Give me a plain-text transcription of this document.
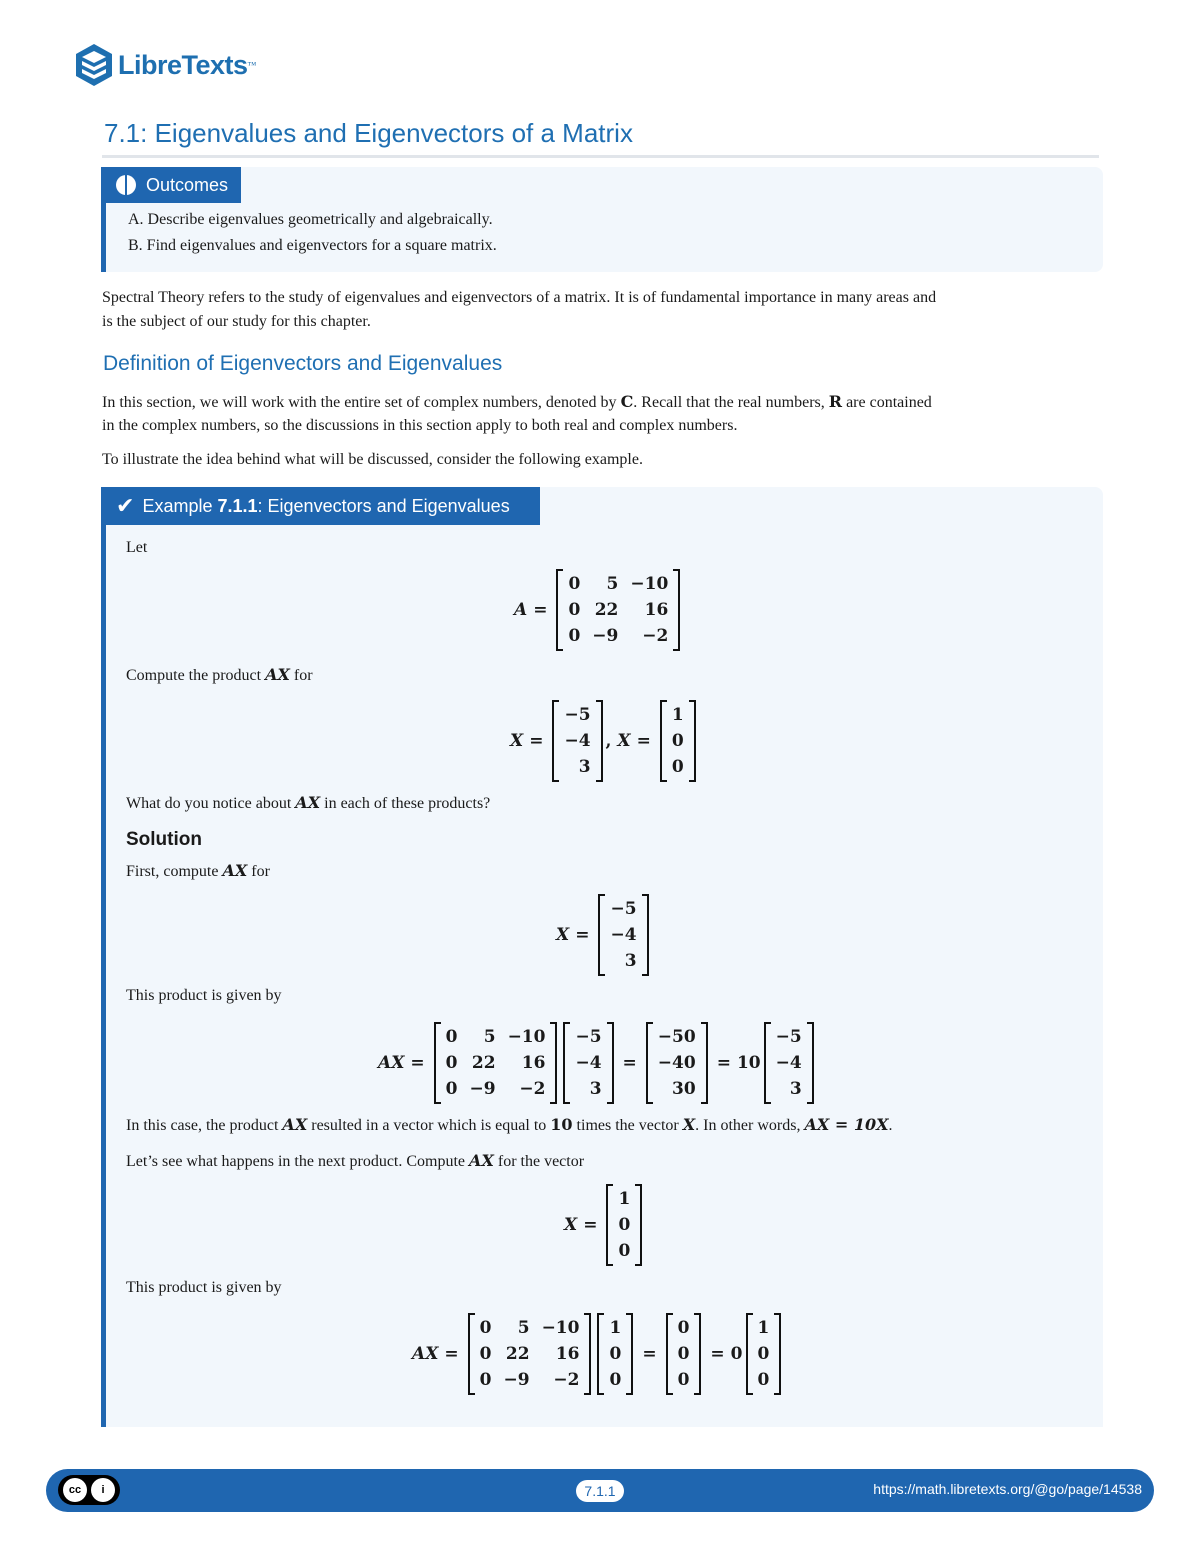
LibreTexts ™
7.1: Eigenvalues and Eigenvectors of a Matrix
Outcomes
A. Describe eigenvalues geometrically and algebraically.
B. Find eigenvalues and eigenvectors for a square matrix.

Spectral Theory refers to the study of eigenvalues and eigenvectors of a matrix. It is of fundamental importance in many areas and

is the subject of our study for this chapter.

Definition of Eigenvectors and Eigenvalues

In this section, we will work with the entire set of complex numbers, denoted by C. Recall that the real numbers, R are contained

in the complex numbers, so the discussions in this section apply to both real and complex numbers.

To illustrate the idea behind what will be discussed, consider the following example.

✔ Example 7.1.1: Eigenvectors and Eigenvalues
Let
A =
0	5	−10
0	22	16
0	−9	−2
Compute the product AX for
X =
−5
−4
3
,
X =
1
0
0
What do you notice about AX in each of these products?
Solution
First, compute AX for
X =
−5
−4
3
This product is given by
AX =
0	5	−10
0	22	16
0	−9	−2
−5
−4
3
=
−50
−40
30
= 10
−5
−4
3
In this case, the product AX resulted in a vector which is equal to 10 times the vector X. In other words, AX = 10X.
Let’s see what happens in the next product. Compute AX for the vector
X =
1
0
0
This product is given by
AX =
0	5	−10
0	22	16
0	−9	−2
1
0
0
=
0
0
0
= 0
1
0
0
cc	i	7.1.1	https://math.libretexts.org/@go/page/14538
